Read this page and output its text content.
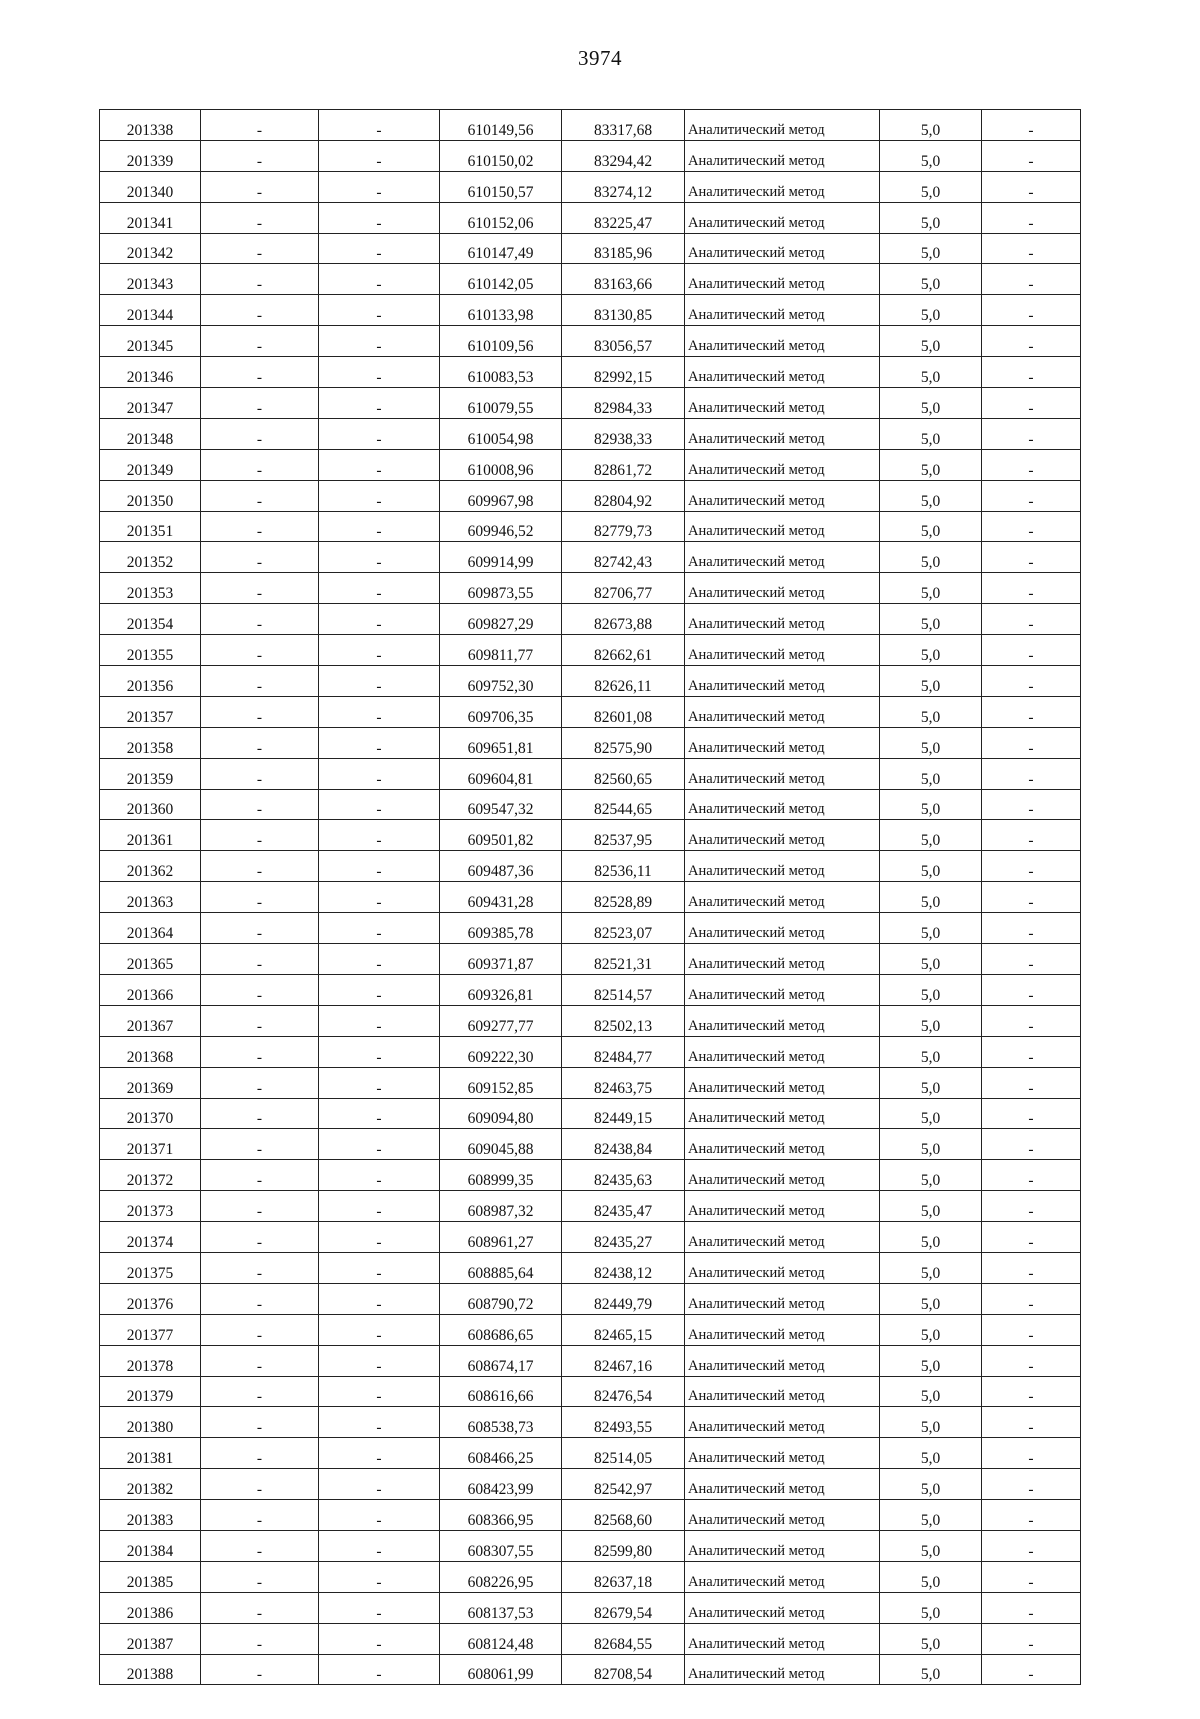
3974
201338	-	-	610149,56	83317,68	Аналитический метод	5,0	-
201339	-	-	610150,02	83294,42	Аналитический метод	5,0	-
201340	-	-	610150,57	83274,12	Аналитический метод	5,0	-
201341	-	-	610152,06	83225,47	Аналитический метод	5,0	-
201342	-	-	610147,49	83185,96	Аналитический метод	5,0	-
201343	-	-	610142,05	83163,66	Аналитический метод	5,0	-
201344	-	-	610133,98	83130,85	Аналитический метод	5,0	-
201345	-	-	610109,56	83056,57	Аналитический метод	5,0	-
201346	-	-	610083,53	82992,15	Аналитический метод	5,0	-
201347	-	-	610079,55	82984,33	Аналитический метод	5,0	-
201348	-	-	610054,98	82938,33	Аналитический метод	5,0	-
201349	-	-	610008,96	82861,72	Аналитический метод	5,0	-
201350	-	-	609967,98	82804,92	Аналитический метод	5,0	-
201351	-	-	609946,52	82779,73	Аналитический метод	5,0	-
201352	-	-	609914,99	82742,43	Аналитический метод	5,0	-
201353	-	-	609873,55	82706,77	Аналитический метод	5,0	-
201354	-	-	609827,29	82673,88	Аналитический метод	5,0	-
201355	-	-	609811,77	82662,61	Аналитический метод	5,0	-
201356	-	-	609752,30	82626,11	Аналитический метод	5,0	-
201357	-	-	609706,35	82601,08	Аналитический метод	5,0	-
201358	-	-	609651,81	82575,90	Аналитический метод	5,0	-
201359	-	-	609604,81	82560,65	Аналитический метод	5,0	-
201360	-	-	609547,32	82544,65	Аналитический метод	5,0	-
201361	-	-	609501,82	82537,95	Аналитический метод	5,0	-
201362	-	-	609487,36	82536,11	Аналитический метод	5,0	-
201363	-	-	609431,28	82528,89	Аналитический метод	5,0	-
201364	-	-	609385,78	82523,07	Аналитический метод	5,0	-
201365	-	-	609371,87	82521,31	Аналитический метод	5,0	-
201366	-	-	609326,81	82514,57	Аналитический метод	5,0	-
201367	-	-	609277,77	82502,13	Аналитический метод	5,0	-
201368	-	-	609222,30	82484,77	Аналитический метод	5,0	-
201369	-	-	609152,85	82463,75	Аналитический метод	5,0	-
201370	-	-	609094,80	82449,15	Аналитический метод	5,0	-
201371	-	-	609045,88	82438,84	Аналитический метод	5,0	-
201372	-	-	608999,35	82435,63	Аналитический метод	5,0	-
201373	-	-	608987,32	82435,47	Аналитический метод	5,0	-
201374	-	-	608961,27	82435,27	Аналитический метод	5,0	-
201375	-	-	608885,64	82438,12	Аналитический метод	5,0	-
201376	-	-	608790,72	82449,79	Аналитический метод	5,0	-
201377	-	-	608686,65	82465,15	Аналитический метод	5,0	-
201378	-	-	608674,17	82467,16	Аналитический метод	5,0	-
201379	-	-	608616,66	82476,54	Аналитический метод	5,0	-
201380	-	-	608538,73	82493,55	Аналитический метод	5,0	-
201381	-	-	608466,25	82514,05	Аналитический метод	5,0	-
201382	-	-	608423,99	82542,97	Аналитический метод	5,0	-
201383	-	-	608366,95	82568,60	Аналитический метод	5,0	-
201384	-	-	608307,55	82599,80	Аналитический метод	5,0	-
201385	-	-	608226,95	82637,18	Аналитический метод	5,0	-
201386	-	-	608137,53	82679,54	Аналитический метод	5,0	-
201387	-	-	608124,48	82684,55	Аналитический метод	5,0	-
201388	-	-	608061,99	82708,54	Аналитический метод	5,0	-
